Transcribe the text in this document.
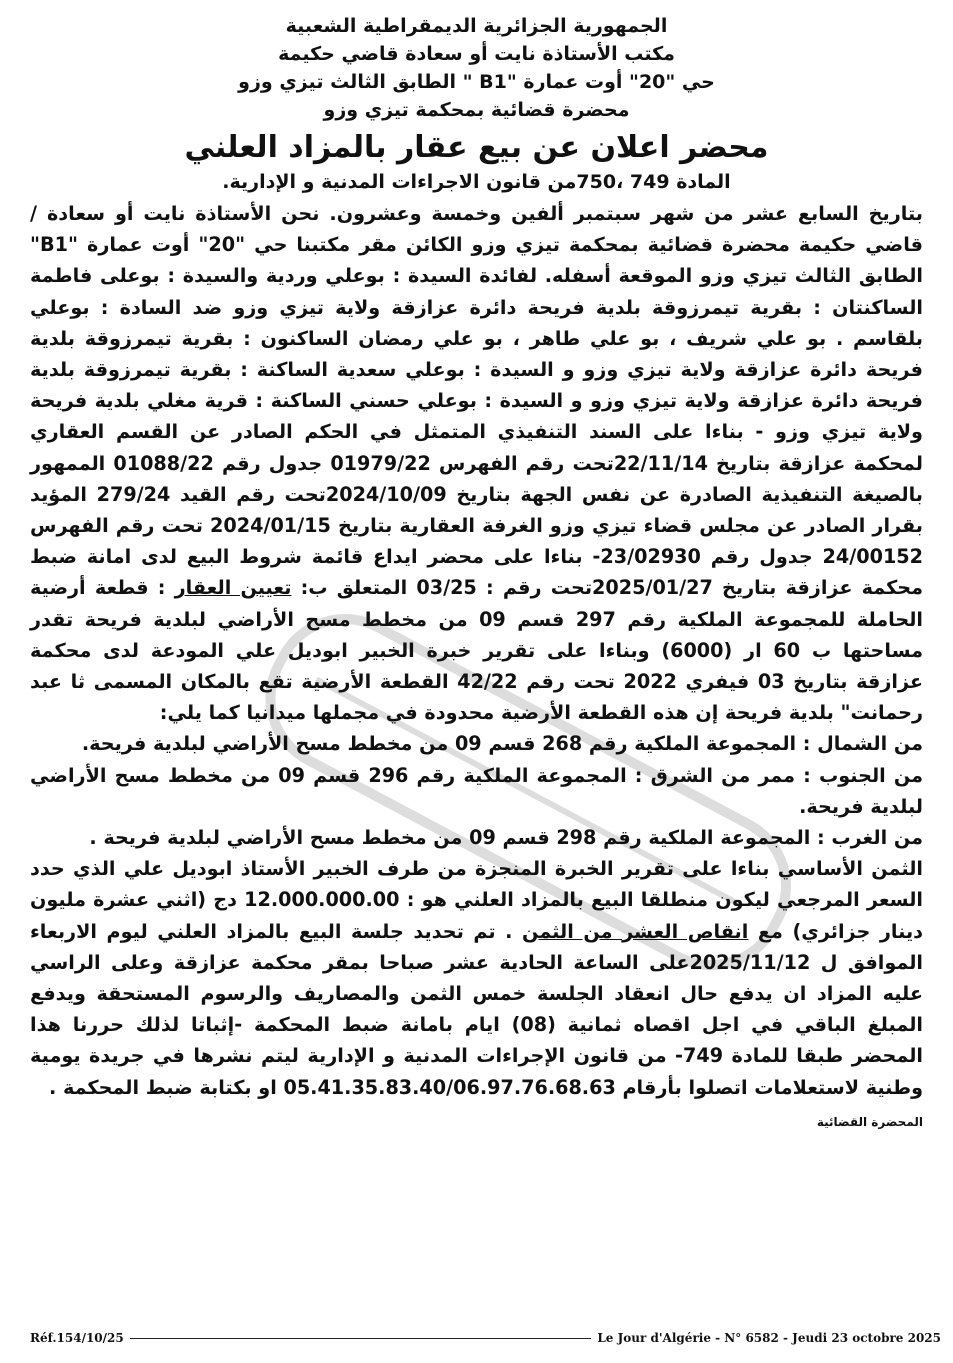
الجمهورية الجزائرية الديمقراطية الشعبية

مكتب الأستاذة نايت أو سعادة قاضي حكيمة

حي "20" أوت عمارة "B1 " الطابق الثالث تيزي وزو

محضرة قضائية بمحكمة تيزي وزو

محضر اعلان عن بيع عقار بالمزاد العلني

المادة 749 ،750من قانون الاجراءات المدنية و الإدارية.

بتاريخ السابع عشر من شهر سبتمبر ألفين وخمسة وعشرون. نحن الأستاذة نايت أو سعادة / قاضي حكيمة محضرة قضائية بمحكمة تيزي وزو الكائن مقر مكتبنا حي "20" أوت عمارة "B1" الطابق الثالث تيزي وزو الموقعة أسفله. لفائدة السيدة : بوعلي وردية والسيدة : بوعلى فاطمة الساكنتان : بقرية تيمرزوقة بلدية فريحة دائرة عزازقة ولاية تيزي وزو ضد السادة : بوعلي بلقاسم . بو علي شريف ، بو علي طاهر ، بو علي رمضان الساكنون : بقرية تيمرزوقة بلدية فريحة دائرة عزازقة ولاية تيزي وزو و السيدة : بوعلي سعدية الساكنة : بقرية تيمرزوقة بلدية فريحة دائرة عزازقة ولاية تيزي وزو و السيدة : بوعلي حسني الساكنة : قرية مغلي بلدية فريحة ولاية تيزي وزو - بناءا على السند التنفيذي المتمثل في الحكم الصادر عن القسم العقاري لمحكمة عزازقة بتاريخ 22/11/14تحت رقم الفهرس 01979/22 جدول رقم 01088/22 الممهور بالصيغة التنفيذية الصادرة عن نفس الجهة بتاريخ 2024/10/09تحت رقم القيد 279/24 المؤيد بقرار الصادر عن مجلس قضاء تيزي وزو الغرفة العقارية بتاريخ 2024/01/15 تحت رقم الفهرس 24/00152 جدول رقم 23/02930- بناءا على محضر ايداع قائمة شروط البيع لدى امانة ضبط محكمة عزازقة بتاريخ 2025/01/27تحت رقم : 03/25 المتعلق ب: تعيين العقار : قطعة أرضية الحاملة للمجموعة الملكية رقم 297 قسم 09 من مخطط مسح الأراضي لبلدية فريحة تقدر مساحتها ب 60 ار (6000) وبناءا على تقرير خبرة الخبير ابوديل علي المودعة لدى محكمة عزازقة بتاريخ 03 فيفري 2022 تحت رقم 42/22 القطعة الأرضية تقع بالمكان المسمى ثا عبد رحمانت" بلدية فريحة إن هذه القطعة الأرضية محدودة في مجملها ميدانيا كما يلي:

من الشمال : المجموعة الملكية رقم 268 قسم 09 من مخطط مسح الأراضي لبلدية فريحة.

من الجنوب : ممر من الشرق : المجموعة الملكية رقم 296 قسم 09 من مخطط مسح الأراضي لبلدية فريحة.

من الغرب : المجموعة الملكية رقم 298 قسم 09 من مخطط مسح الأراضي لبلدية فريحة .

الثمن الأساسي بناءا على تقرير الخبرة المنجزة من طرف الخبير الأستاذ ابوديل علي الذي حدد السعر المرجعي ليكون منطلقا البيع بالمزاد العلني هو : 12.000.000.00 دج (اثني عشرة مليون دينار جزائري) مع انقاص العشر من الثمن . تم تحديد جلسة البيع بالمزاد العلني ليوم الاربعاء الموافق ل 2025/11/12على الساعة الحادية عشر صباحا بمقر محكمة عزازقة وعلى الراسي عليه المزاد ان يدفع حال انعقاد الجلسة خمس الثمن والمصاريف والرسوم المستحقة ويدفع المبلغ الباقي في اجل اقصاه ثمانية (08) ايام بامانة ضبط المحكمة -إثباتا لذلك حررنا هذا المحضر طبقا للمادة 749- من قانون الإجراءات المدنية و الإدارية ليتم نشرها في جريدة يومية وطنية لاستعلامات اتصلوا بأرقام 05.41.35.83.40/06.97.76.68.63 او بكتابة ضبط المحكمة .

المحضرة القضائية
Réf.154/10/25	Le Jour d'Algérie - N° 6582 - Jeudi 23 octobre 2025
